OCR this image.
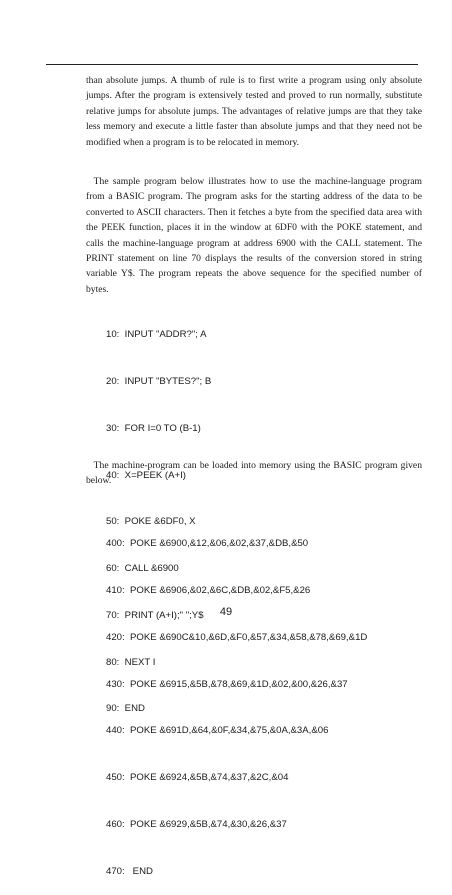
than absolute jumps. A thumb of rule is to first write a program using only absolute jumps. After the program is extensively tested and proved to run normally, substitute relative jumps for absolute jumps. The advantages of relative jumps are that they take less memory and execute a little faster than absolute jumps and that they need not be modified when a program is to be relocated in memory.

The sample program below illustrates how to use the machine-language program from a BASIC program. The program asks for the starting address of the data to be converted to ASCII characters. Then it fetches a byte from the specified data area with the PEEK function, places it in the window at 6DF0 with the POKE statement, and calls the machine-language program at address 6900 with the CALL statement. The PRINT statement on line 70 displays the results of the conversion stored in string variable Y$. The program repeats the above sequence for the specified number of bytes.

10:  INPUT "ADDR?"; A

20:  INPUT "BYTES?"; B

30:  FOR I=0 TO (B-1)

40:  X=PEEK (A+I)

50:  POKE &6DF0, X

60:  CALL &6900

70:  PRINT (A+I);" ";Y$

80:  NEXT I

90:  END

The machine-program can be loaded into memory using the BASIC program given below.

400:  POKE &6900,&12,&06,&02,&37,&DB,&50

410:  POKE &6906,&02,&6C,&DB,&02,&F5,&26

420:  POKE &690C&10,&6D,&F0,&57,&34,&58,&78,&69,&1D

430:  POKE &6915,&5B,&78,&69,&1D,&02,&00,&26,&37

440:  POKE &691D,&64,&0F,&34,&75,&0A,&3A,&06

450:  POKE &6924,&5B,&74,&37,&2C,&04

460:  POKE &6929,&5B,&74,&30,&26,&37

470:   END

49
